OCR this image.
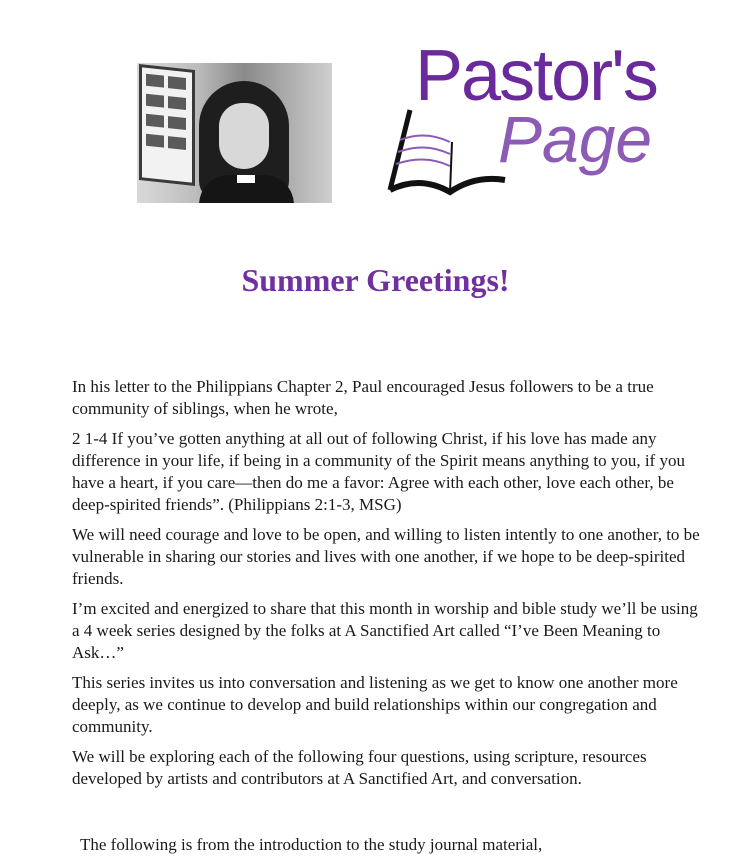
Pastor's
Page
Summer Greetings!

In his letter to the Philippians Chapter 2, Paul encouraged Jesus followers to be a true community of siblings, when he wrote,

2 1-4 If you’ve gotten anything at all out of following Christ, if his love has made any difference in your life, if being in a community of the Spirit means anything to you, if you have a heart, if you care—then do me a favor: Agree with each other, love each other, be deep-spirited friends”. (Philippians 2:1-3, MSG)

We will need courage and love to be open, and willing to listen intently to one another, to be vulnerable in sharing our stories and lives with one another, if we hope to be deep-spirited friends.

I’m excited and energized to share that this month in worship and bible study we’ll be using a 4 week series designed by the folks at A Sanctified Art called “I’ve Been Meaning to Ask…”

This series invites us into conversation and listening as we get to know one another more deeply, as we continue to develop and build relationships within our congregation and community.

We will be exploring each of the following four questions, using scripture, resources developed by artists and contributors at A Sanctified Art, and conversation.

The following is from the introduction to the study journal material,
